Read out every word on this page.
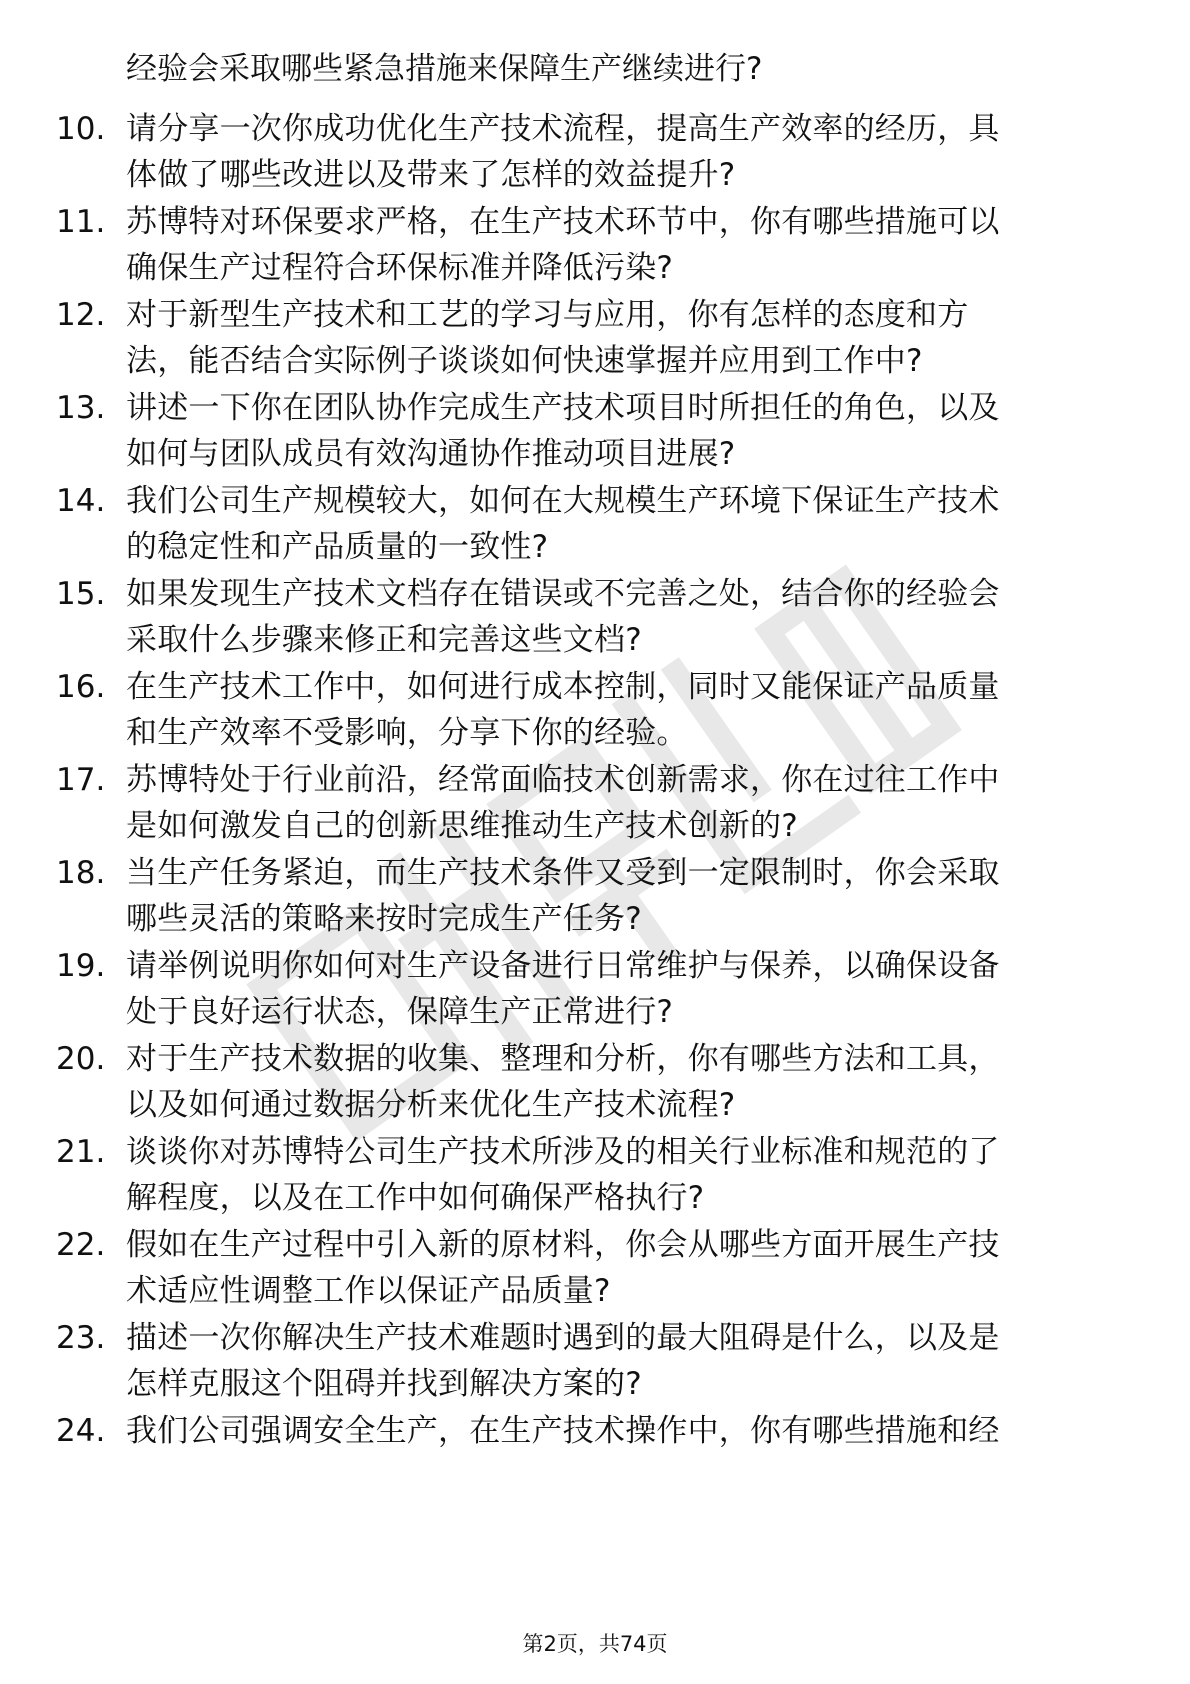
经验会采取哪些紧急措施来保障生产继续进行?
10. 请分享一次你成功优化生产技术流程，提高生产效率的经历，具
体做了哪些改进以及带来了怎样的效益提升?
11. 苏博特对环保要求严格，在生产技术环节中，你有哪些措施可以
确保生产过程符合环保标准并降低污染?
12. 对于新型生产技术和工艺的学习与应用，你有怎样的态度和方
法，能否结合实际例子谈谈如何快速掌握并应用到工作中?
13. 讲述一下你在团队协作完成生产技术项目时所担任的角色，以及
如何与团队成员有效沟通协作推动项目进展?
14. 我们公司生产规模较大，如何在大规模生产环境下保证生产技术
的稳定性和产品质量的一致性?
15. 如果发现生产技术文档存在错误或不完善之处，结合你的经验会
采取什么步骤来修正和完善这些文档?
16. 在生产技术工作中，如何进行成本控制，同时又能保证产品质量
和生产效率不受影响，分享下你的经验。
17. 苏博特处于行业前沿，经常面临技术创新需求，你在过往工作中
是如何激发自己的创新思维推动生产技术创新的?
18. 当生产任务紧迫，而生产技术条件又受到一定限制时，你会采取
哪些灵活的策略来按时完成生产任务?
19. 请举例说明你如何对生产设备进行日常维护与保养，以确保设备
处于良好运行状态，保障生产正常进行?
20. 对于生产技术数据的收集、整理和分析，你有哪些方法和工具，
以及如何通过数据分析来优化生产技术流程?
21. 谈谈你对苏博特公司生产技术所涉及的相关行业标准和规范的了
解程度，以及在工作中如何确保严格执行?
22. 假如在生产过程中引入新的原材料，你会从哪些方面开展生产技
术适应性调整工作以保证产品质量?
23. 描述一次你解决生产技术难题时遇到的最大阻碍是什么，以及是
怎样克服这个阻碍并找到解决方案的?
24. 我们公司强调安全生产，在生产技术操作中，你有哪些措施和经
第2页，共74页
